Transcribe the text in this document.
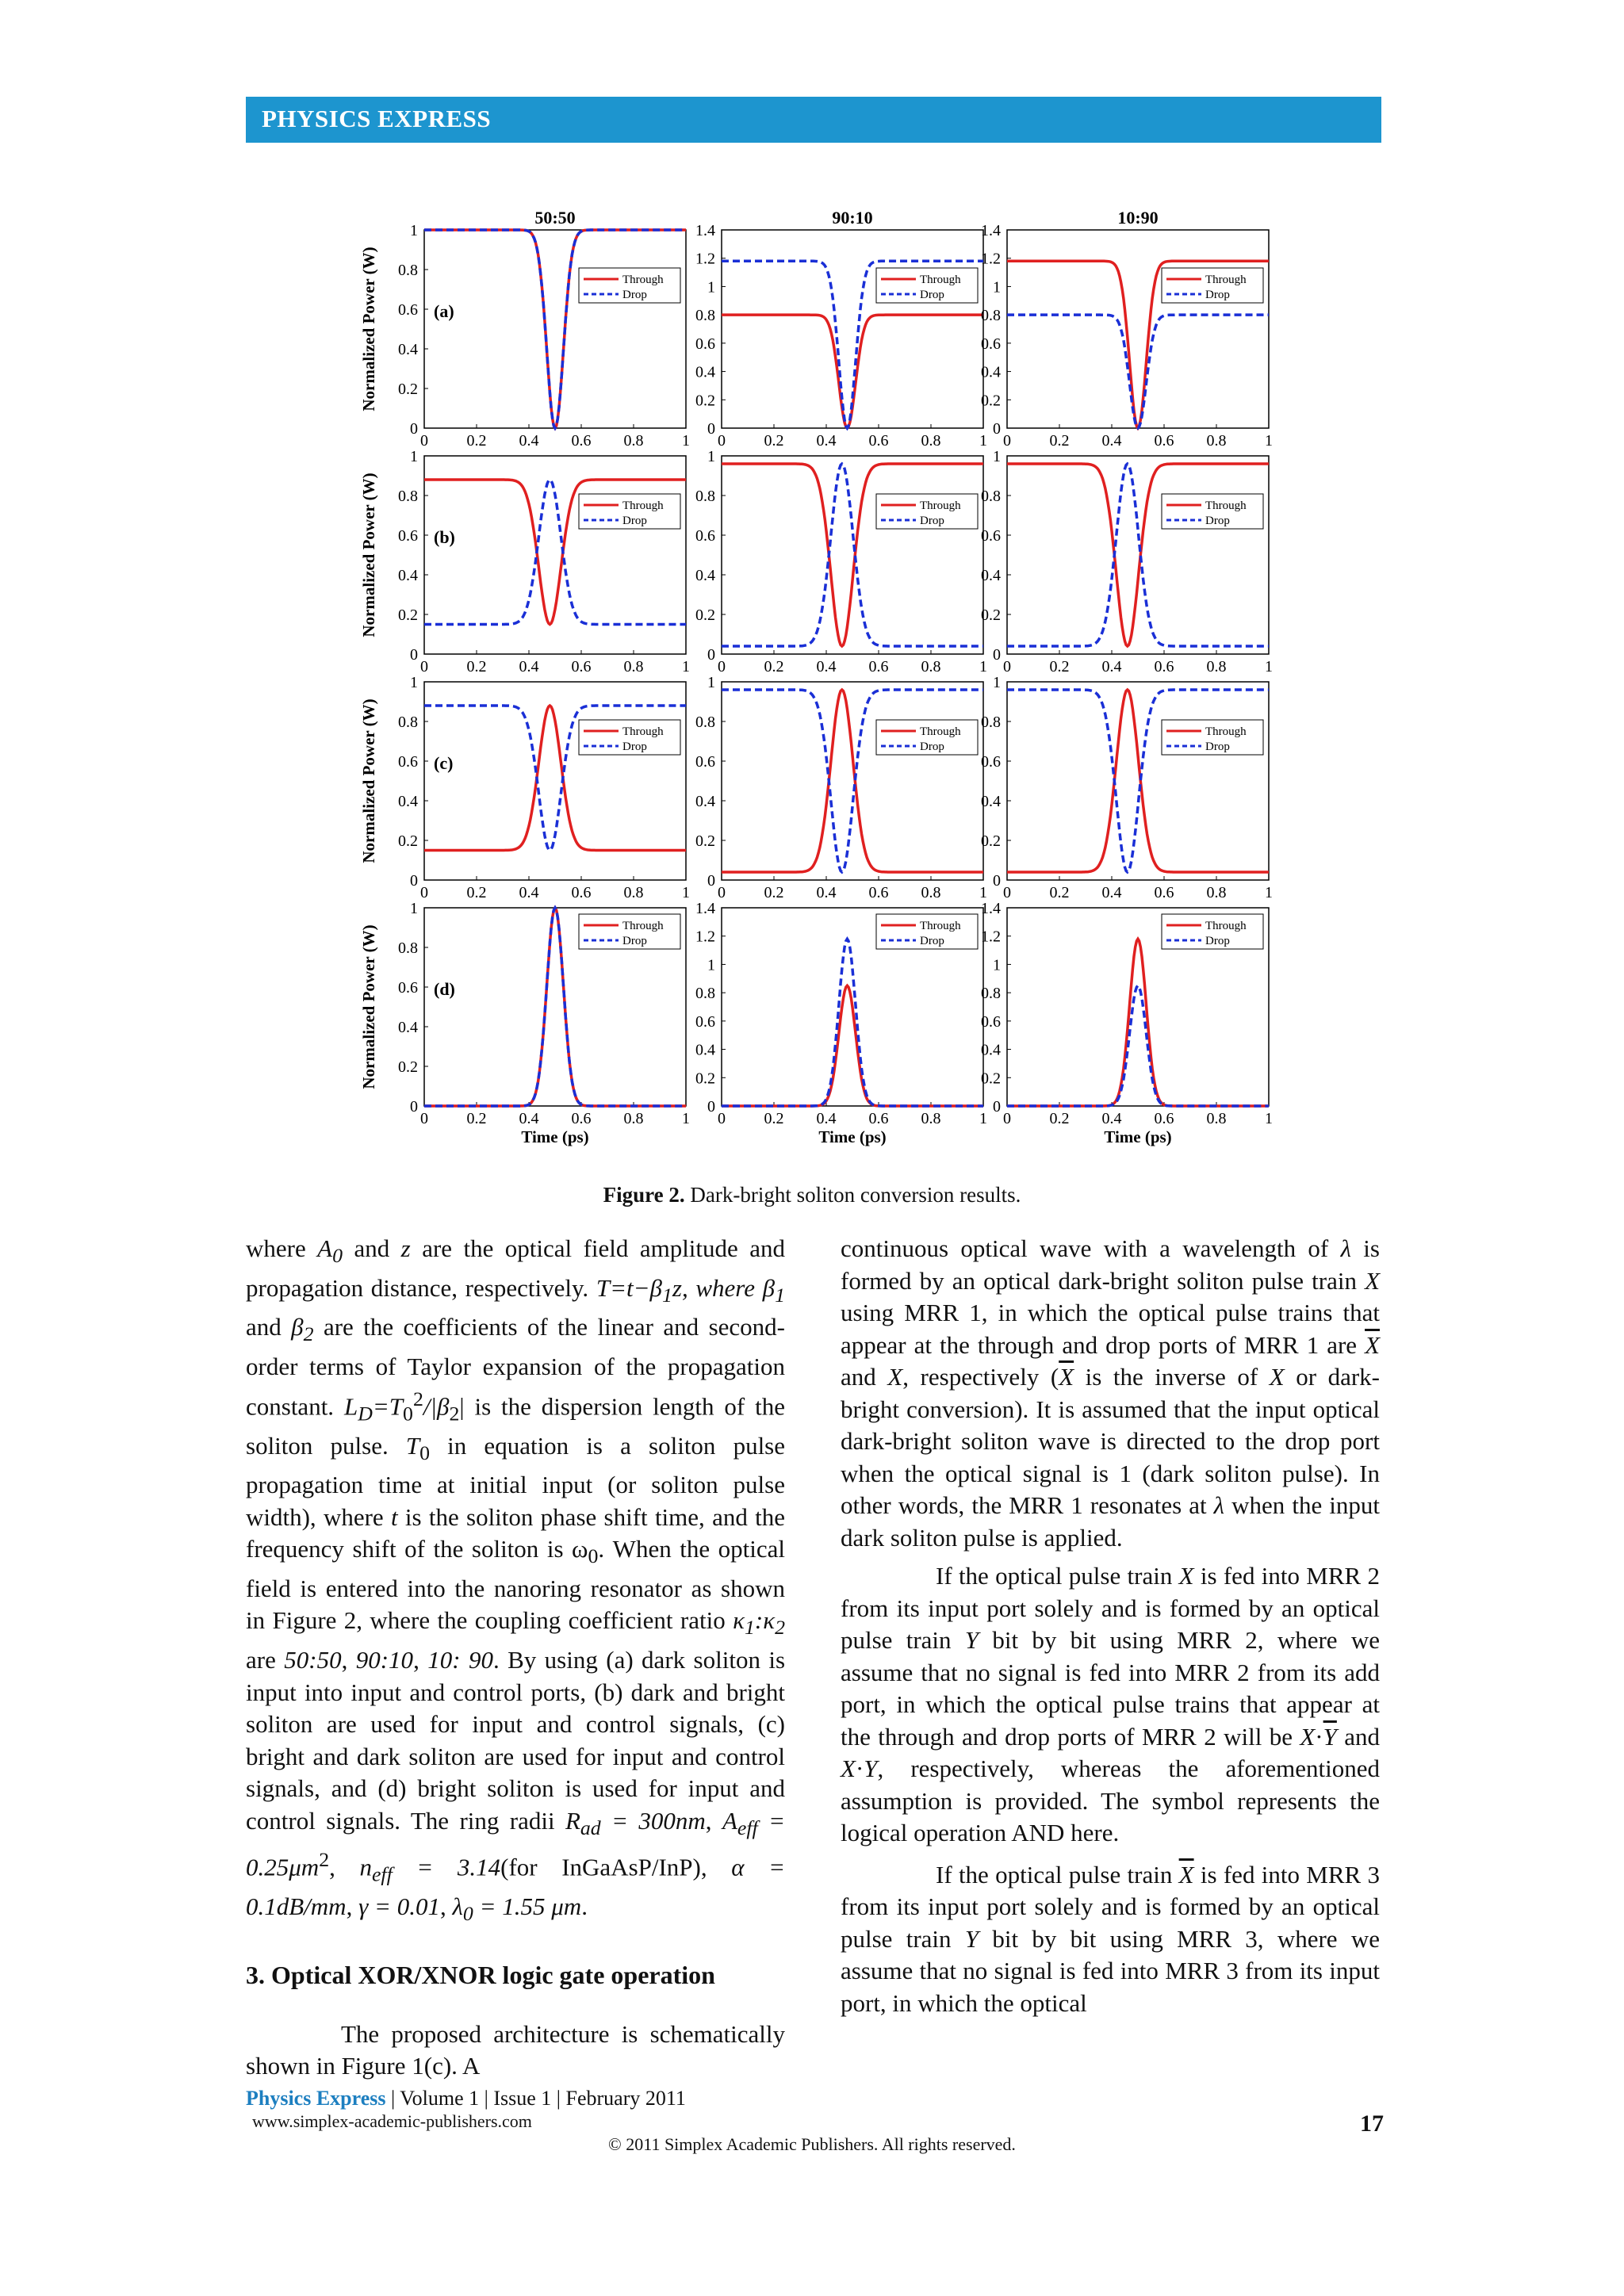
PHYSICS EXPRESS
50:50	90:10	10:90
Normalized Power (W)
Normalized Power (W)
Normalized Power (W)
Normalized Power (W)
0
0.2
0.4
0.6
0.8
1
0 0.2 0.4 0.6 0.8 1
Through
Drop
(a)
0
0.2
0.4
0.6
0.8
1
1.2
1.4
0 0.2 0.4 0.6 0.8 1
Through
Drop
0
0.2
0.4
0.6
0.8
1
1.2
1.4
0 0.2 0.4 0.6 0.8 1
Through
Drop
0
0.2
0.4
0.6
0.8
1
0 0.2 0.4 0.6 0.8 1
Through
Drop
(b)
0
0.2
0.4
0.6
0.8
1
0 0.2 0.4 0.6 0.8 1
Through
Drop
0
0.2
0.4
0.6
0.8
1
0 0.2 0.4 0.6 0.8 1
Through
Drop
0
0.2
0.4
0.6
0.8
1
0 0.2 0.4 0.6 0.8 1
Through
Drop
(c)
0
0.2
0.4
0.6
0.8
1
0 0.2 0.4 0.6 0.8 1
Through
Drop
0
0.2
0.4
0.6
0.8
1
0 0.2 0.4 0.6 0.8 1
Through
Drop
0
0.2
0.4
0.6
0.8
1
0 0.2 0.4 0.6 0.8 1
Through
Drop
(d)
Time (ps)
0
0.2
0.4
0.6
0.8
1
1.2
1.4
0 0.2 0.4 0.6 0.8 1
Through
Drop
Time (ps)
0
0.2
0.4
0.6
0.8
1
1.2
1.4
0 0.2 0.4 0.6 0.8 1
Through
Drop
Time (ps)
Figure 2. Dark-bright soliton conversion results.

where $A_0$ and z are the optical field amplitude and propagation distance, respectively. $T=t-\beta_1z$, where $\beta_1$ and $\beta_2$ are the coefficients of the linear and second-order terms of Taylor expansion of the propagation constant. $L_D=T_0^2/|\beta_2|$ is the dispersion length of the soliton pulse. $T_0$ in equation is a soliton pulse propagation time at initial input (or soliton pulse width), where t is the soliton phase shift time, and the frequency shift of the soliton is $\omega_0$. When the optical field is entered into the nanoring resonator as shown in Figure 2, where the coupling coefficient ratio $\kappa_1:\kappa_2$ are 50:50, 90:10, 10: 90. By using (a) dark soliton is input into input and control ports, (b) dark and bright soliton are used for input and control signals, (c) bright and dark soliton are used for input and control signals, and (d) bright soliton is used for input and control signals. The ring radii $R_{ad} = 300nm$, $A_{eff} = 0.25\mu m^2$, $n_{eff} = 3.14(for$ InGaAsP/InP), α = 0.1dB/mm, γ = 0.01, $\lambda_0 = 1.55$ μm.

3. Optical XOR/XNOR logic gate operation

The proposed architecture is schematically shown in Figure 1(c). A

continuous optical wave with a wavelength of λ is formed by an optical dark-bright soliton pulse train X using MRR 1, in which the optical pulse trains that appear at the through and drop ports of MRR 1 are $\overline{X}$ and X, respectively ($\overline{X}$ is the inverse of X or dark-bright conversion). It is assumed that the input optical dark-bright soliton wave is directed to the drop port when the optical signal is 1 (dark soliton pulse). In other words, the MRR 1 resonates at λ when the input dark soliton pulse is applied.

If the optical pulse train X is fed into MRR 2 from its input port solely and is formed by an optical pulse train Y bit by bit using MRR 2, where we assume that no signal is fed into MRR 2 from its add port, in which the optical pulse trains that appear at the through and drop ports of MRR 2 will be $X\cdot\overline{Y}$ and X·Y, respectively, whereas the aforementioned assumption is provided. The symbol represents the logical operation AND here.

If the optical pulse train $\overline{X}$ is fed into MRR 3 from its input port solely and is formed by an optical pulse train Y bit by bit using MRR 3, where we assume that no signal is fed into MRR 3 from its input port, in which the optical

Physics Express | Volume 1 | Issue 1 | February 2011
www.simplex-academic-publishers.com	17
© 2011 Simplex Academic Publishers. All rights reserved.
